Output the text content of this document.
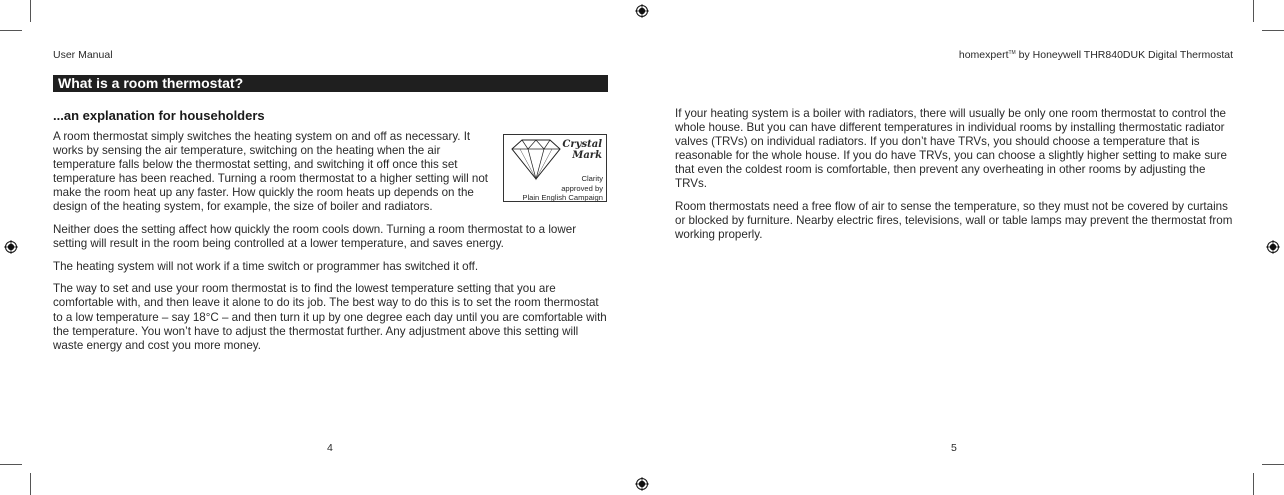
User Manual	homexpert™ by Honeywell THR840DUK Digital Thermostat
What is a room thermostat?
...an explanation for householders

A room thermostat simply switches the heating system on and off as necessary. It works by sensing the air temperature, switching on the heating when the air temperature falls below the thermostat setting, and switching it off once this set temperature has been reached. Turning a room thermostat to a higher setting will not make the room heat up any faster. How quickly the room heats up depends on the design of the heating system, for example, the size of boiler and radiators.

Neither does the setting affect how quickly the room cools down. Turning a room thermostat to a lower setting will result in the room being controlled at a lower temperature, and saves energy.

The heating system will not work if a time switch or programmer has switched it off.

The way to set and use your room thermostat is to find the lowest temperature setting that you are comfortable with, and then leave it alone to do its job. The best way to do this is to set the room thermostat to a low temperature – say 18°C – and then turn it up by one degree each day until you are comfortable with the temperature. You won’t have to adjust the thermostat further. Any adjustment above this setting will waste energy and cost you more money.

Crystal
Mark
Clarity
approved by
Plain English Campaign
4

If your heating system is a boiler with radiators, there will usually be only one room thermostat to control the whole house. But you can have different temperatures in individual rooms by installing thermostatic radiator valves (TRVs) on individual radiators. If you don’t have TRVs, you should choose a temperature that is reasonable for the whole house. If you do have TRVs, you can choose a slightly higher setting to make sure that even the coldest room is comfortable, then prevent any overheating in other rooms by adjusting the TRVs.

Room thermostats need a free flow of air to sense the temperature, so they must not be covered by curtains or blocked by furniture. Nearby electric fires, televisions, wall or table lamps may prevent the thermostat from working properly.

5
